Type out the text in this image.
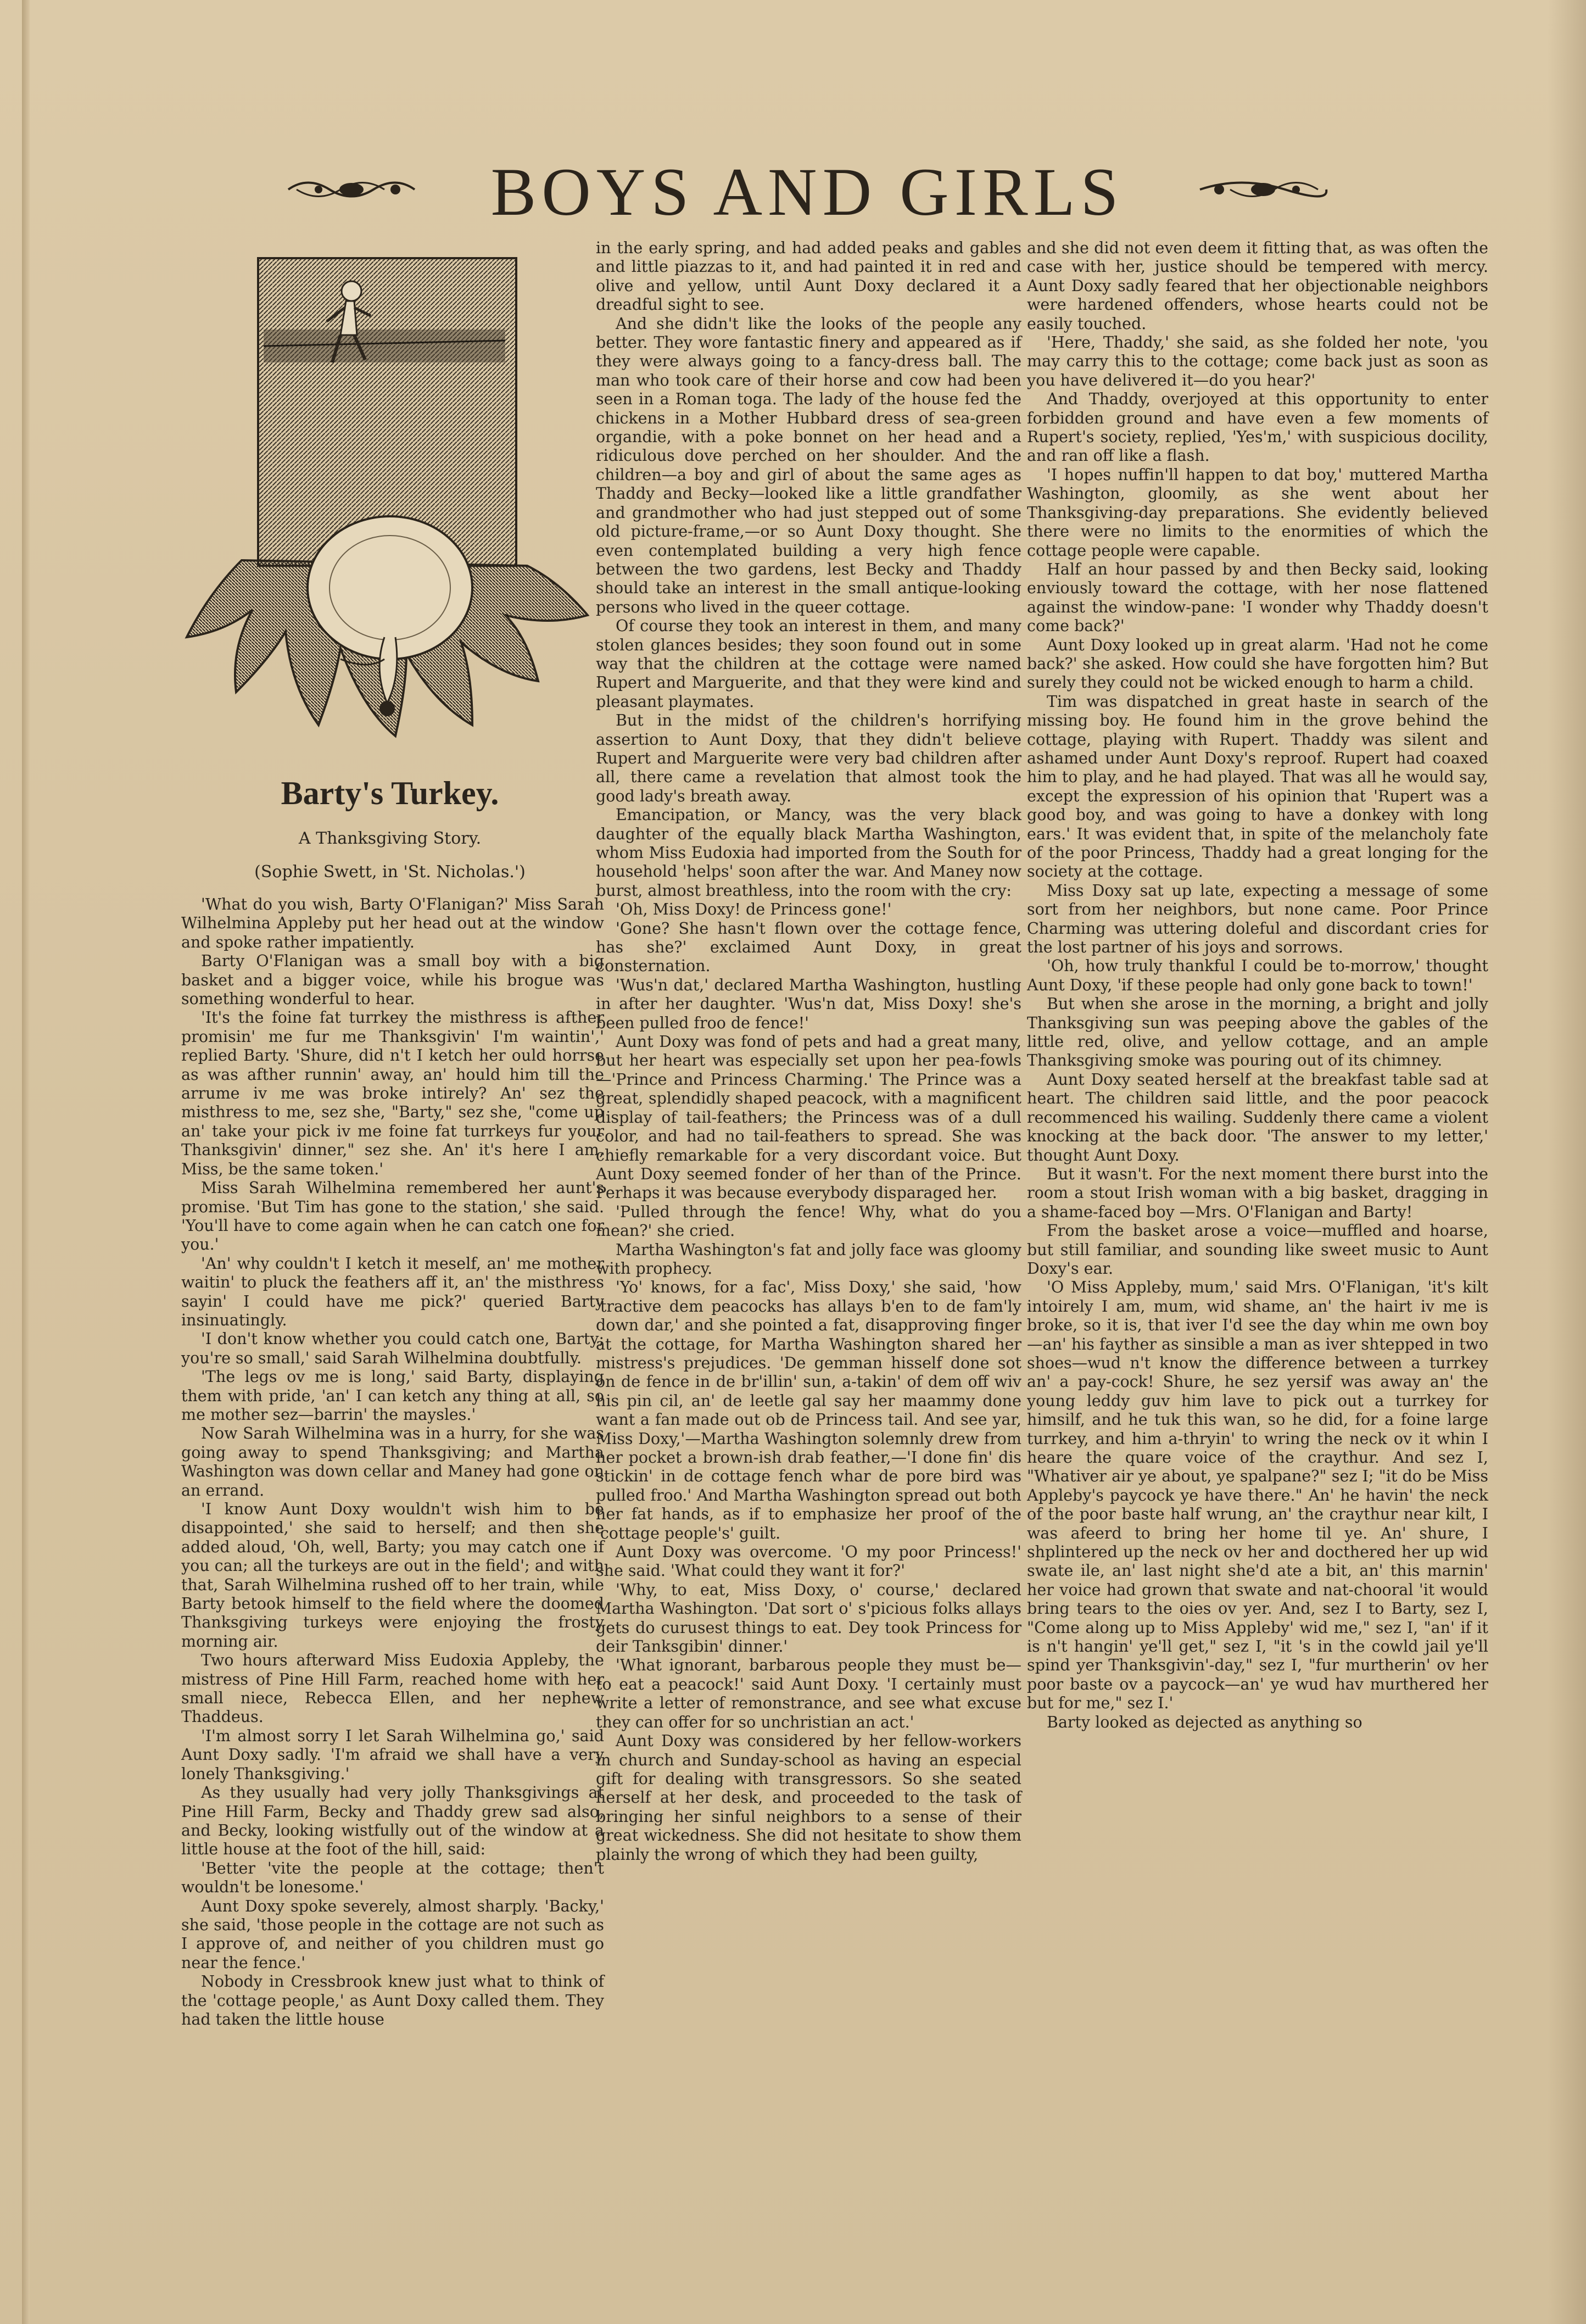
BOYS AND GIRLS
Barty's Turkey.
A Thanksgiving Story.
(Sophie Swett, in 'St. Nicholas.')

'What do you wish, Barty O'Flanigan?' Miss Sarah Wilhelmina Appleby put her head out at the window and spoke rather impatiently.

Barty O'Flanigan was a small boy with a big basket and a bigger voice, while his brogue was something wonderful to hear.

'It's the foine fat turrkey the misthress is afther promisin' me fur me Thanksgivin' I'm waintin',' replied Barty. 'Shure, did n't I ketch her ould horrse as was afther runnin' away, an' hould him till the arrume iv me was broke intirely? An' sez the misthress to me, sez she, "Barty," sez she, "come up an' take your pick iv me foine fat turrkeys fur your Thanksgivin' dinner," sez she. An' it's here I am, Miss, be the same token.'

Miss Sarah Wilhelmina remembered her aunt's promise. 'But Tim has gone to the station,' she said. 'You'll have to come again when he can catch one for you.'

'An' why couldn't I ketch it meself, an' me mother waitin' to pluck the feathers aff it, an' the misthress sayin' I could have me pick?' queried Barty insinuatingly.

'I don't know whether you could catch one, Barty; you're so small,' said Sarah Wilhelmina doubtfully.

'The legs ov me is long,' said Barty, displaying them with pride, 'an' I can ketch any thing at all, so me mother sez—barrin' the maysles.'

Now Sarah Wilhelmina was in a hurry, for she was going away to spend Thanksgiving; and Martha Washington was down cellar and Maney had gone on an errand.

'I know Aunt Doxy wouldn't wish him to be disappointed,' she said to herself; and then she added aloud, 'Oh, well, Barty; you may catch one if you can; all the turkeys are out in the field'; and with that, Sarah Wilhelmina rushed off to her train, while Barty betook himself to the field where the doomed Thanksgiving turkeys were enjoying the frosty morning air.

Two hours afterward Miss Eudoxia Appleby, the mistress of Pine Hill Farm, reached home with her small niece, Rebecca Ellen, and her nephew Thaddeus.

'I'm almost sorry I let Sarah Wilhelmina go,' said Aunt Doxy sadly. 'I'm afraid we shall have a very lonely Thanksgiving.'

As they usually had very jolly Thanksgivings at Pine Hill Farm, Becky and Thaddy grew sad also, and Becky, looking wistfully out of the window at a little house at the foot of the hill, said:

'Better 'vite the people at the cottage; then't wouldn't be lonesome.'

Aunt Doxy spoke severely, almost sharply. 'Backy,' she said, 'those people in the cottage are not such as I approve of, and neither of you children must go near the fence.'

Nobody in Cressbrook knew just what to think of the 'cottage people,' as Aunt Doxy called them. They had taken the little house

in the early spring, and had added peaks and gables and little piazzas to it, and had painted it in red and olive and yellow, until Aunt Doxy declared it a dreadful sight to see.

And she didn't like the looks of the people any better. They wore fantastic finery and appeared as if they were always going to a fancy-dress ball. The man who took care of their horse and cow had been seen in a Roman toga. The lady of the house fed the chickens in a Mother Hubbard dress of sea-green organdie, with a poke bonnet on her head and a ridiculous dove perched on her shoulder. And the children—a boy and girl of about the same ages as Thaddy and Becky—looked like a little grandfather and grandmother who had just stepped out of some old picture-frame,—or so Aunt Doxy thought. She even contemplated building a very high fence between the two gardens, lest Becky and Thaddy should take an interest in the small antique-looking persons who lived in the queer cottage.

Of course they took an interest in them, and many stolen glances besides; they soon found out in some way that the children at the cottage were named Rupert and Marguerite, and that they were kind and pleasant playmates.

But in the midst of the children's horrifying assertion to Aunt Doxy, that they didn't believe Rupert and Marguerite were very bad children after all, there came a revelation that almost took the good lady's breath away.

Emancipation, or Mancy, was the very black daughter of the equally black Martha Washington, whom Miss Eudoxia had imported from the South for household 'helps' soon after the war. And Maney now burst, almost breathless, into the room with the cry:

'Oh, Miss Doxy! de Princess gone!'

'Gone? She hasn't flown over the cottage fence, has she?' exclaimed Aunt Doxy, in great consternation.

'Wus'n dat,' declared Martha Washington, hustling in after her daughter. 'Wus'n dat, Miss Doxy! she's been pulled froo de fence!'

Aunt Doxy was fond of pets and had a great many, but her heart was especially set upon her pea-fowls—'Prince and Princess Charming.' The Prince was a great, splendidly shaped peacock, with a magnificent display of tail-feathers; the Princess was of a dull color, and had no tail-feathers to spread. She was chiefly remarkable for a very discordant voice. But Aunt Doxy seemed fonder of her than of the Prince. Perhaps it was because everybody disparaged her.

'Pulled through the fence! Why, what do you mean?' she cried.

Martha Washington's fat and jolly face was gloomy with prophecy.

'Yo' knows, for a fac', Miss Doxy,' she said, 'how 'tractive dem peacocks has allays b'en to de fam'ly down dar,' and she pointed a fat, disapproving finger at the cottage, for Martha Washington shared her mistress's prejudices. 'De gemman hisself done sot on de fence in de br'illin' sun, a-takin' of dem off wiv his pin cil, an' de leetle gal say her maammy done want a fan made out ob de Princess tail. And see yar, Miss Doxy,'—Martha Washington solemnly drew from her pocket a brown-ish drab feather,—'I done fin' dis stickin' in de cottage fench whar de pore bird was pulled froo.' And Martha Washington spread out both her fat hands, as if to emphasize her proof of the 'cottage people's' guilt.

Aunt Doxy was overcome. 'O my poor Princess!' she said. 'What could they want it for?'

'Why, to eat, Miss Doxy, o' course,' declared Martha Washington. 'Dat sort o' s'picious folks allays gets do curusest things to eat. Dey took Princess for deir Tanksgibin' dinner.'

'What ignorant, barbarous people they must be—to eat a peacock!' said Aunt Doxy. 'I certainly must write a letter of remonstrance, and see what excuse they can offer for so unchristian an act.'

Aunt Doxy was considered by her fellow-workers in church and Sunday-school as having an especial gift for dealing with transgressors. So she seated herself at her desk, and proceeded to the task of bringing her sinful neighbors to a sense of their great wickedness. She did not hesitate to show them plainly the wrong of which they had been guilty,

and she did not even deem it fitting that, as was often the case with her, justice should be tempered with mercy. Aunt Doxy sadly feared that her objectionable neighbors were hardened offenders, whose hearts could not be easily touched.

'Here, Thaddy,' she said, as she folded her note, 'you may carry this to the cottage; come back just as soon as you have delivered it—do you hear?'

And Thaddy, overjoyed at this opportunity to enter forbidden ground and have even a few moments of Rupert's society, replied, 'Yes'm,' with suspicious docility, and ran off like a flash.

'I hopes nuffin'll happen to dat boy,' muttered Martha Washington, gloomily, as she went about her Thanksgiving-day preparations. She evidently believed there were no limits to the enormities of which the cottage people were capable.

Half an hour passed by and then Becky said, looking enviously toward the cottage, with her nose flattened against the window-pane: 'I wonder why Thaddy doesn't come back?'

Aunt Doxy looked up in great alarm. 'Had not he come back?' she asked. How could she have forgotten him? But surely they could not be wicked enough to harm a child.

Tim was dispatched in great haste in search of the missing boy. He found him in the grove behind the cottage, playing with Rupert. Thaddy was silent and ashamed under Aunt Doxy's reproof. Rupert had coaxed him to play, and he had played. That was all he would say, except the expression of his opinion that 'Rupert was a good boy, and was going to have a donkey with long ears.' It was evident that, in spite of the melancholy fate of the poor Princess, Thaddy had a great longing for the society at the cottage.

Miss Doxy sat up late, expecting a message of some sort from her neighbors, but none came. Poor Prince Charming was uttering doleful and discordant cries for the lost partner of his joys and sorrows.

'Oh, how truly thankful I could be to-morrow,' thought Aunt Doxy, 'if these people had only gone back to town!'

But when she arose in the morning, a bright and jolly Thanksgiving sun was peeping above the gables of the little red, olive, and yellow cottage, and an ample Thanksgiving smoke was pouring out of its chimney.

Aunt Doxy seated herself at the breakfast table sad at heart. The children said little, and the poor peacock recommenced his wailing. Suddenly there came a violent knocking at the back door. 'The answer to my letter,' thought Aunt Doxy.

But it wasn't. For the next moment there burst into the room a stout Irish woman with a big basket, dragging in a shame-faced boy —Mrs. O'Flanigan and Barty!

From the basket arose a voice—muffled and hoarse, but still familiar, and sounding like sweet music to Aunt Doxy's ear.

'O Miss Appleby, mum,' said Mrs. O'Flanigan, 'it's kilt intoirely I am, mum, wid shame, an' the hairt iv me is broke, so it is, that iver I'd see the day whin me own boy—an' his fayther as sinsible a man as iver shtepped in two shoes—wud n't know the difference between a turrkey an' a pay-cock! Shure, he sez yersif was away an' the young leddy guv him lave to pick out a turrkey for himsilf, and he tuk this wan, so he did, for a foine large turrkey, and him a-thryin' to wring the neck ov it whin I heare the quare voice of the craythur. And sez I, "Whativer air ye about, ye spalpane?" sez I; "it do be Miss Appleby's paycock ye have there." An' he havin' the neck of the poor baste half wrung, an' the craythur near kilt, I was afeerd to bring her home til ye. An' shure, I shplintered up the neck ov her and docthered her up wid swate ile, an' last night she'd ate a bit, an' this marnin' her voice had grown that swate and nat-chooral 'it would bring tears to the oies ov yer. And, sez I to Barty, sez I, "Come along up to Miss Appleby' wid me," sez I, "an' if it is n't hangin' ye'll get," sez I, "it 's in the cowld jail ye'll spind yer Thanksgivin'-day," sez I, "fur murtherin' ov her poor baste ov a paycock—an' ye wud hav murthered her but for me," sez I.'

Barty looked as dejected as anything so
